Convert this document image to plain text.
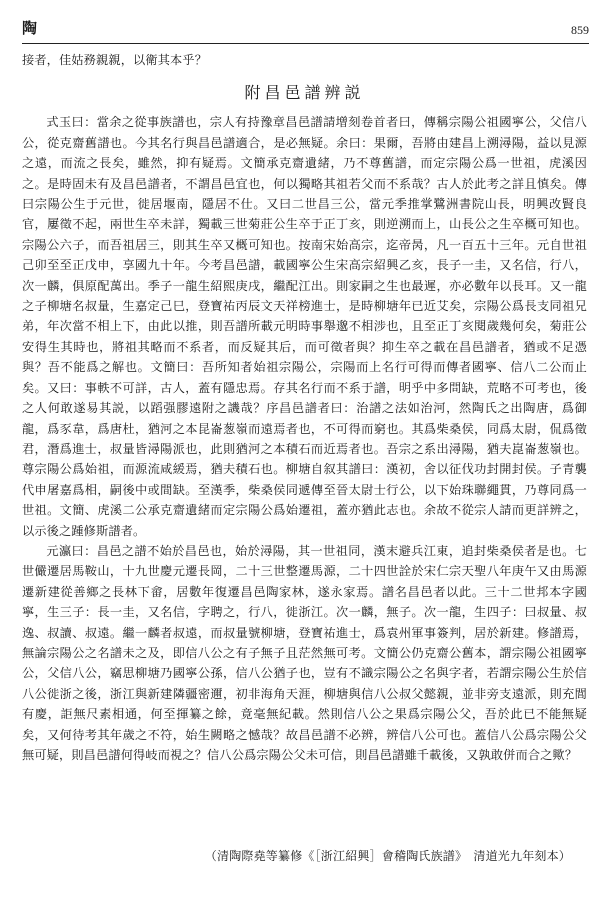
陶	859

接者，佳姑務親親，以衛其本乎？

附昌邑譜辨説

式玉曰：當余之從事族譜也，宗人有持豫章昌邑譜請增刻卷首者曰，傳稱宗陽公祖國寧公，父信八公，從克齋舊譜也。今其名行與昌邑譜適合，是必無疑。余曰：果爾，吾將由建昌上溯潯陽，益以見源之遠，而流之長矣，雖然，抑有疑焉。文簡承克齋遺緒，乃不尊舊譜，而定宗陽公爲一世祖，虎溪因之。是時固未有及昌邑譜者，不謂昌邑宜也，何以獨略其祖若父而不系哉？古人於此考之詳且慎矣。傳曰宗陽公生于元世，徙居堰南，隱居不仕。又曰二世昌三公，當元季推掌鷺洲書院山長，明興改賢良官，屢徵不起，兩世生卒未詳，獨載三世菊莊公生卒于正丁亥，則逆溯而上，山長公之生卒概可知也。宗陽公六子，而吾祖居三，則其生卒又概可知也。按南宋始高宗，迄帝昺，凡一百五十三年。元自世祖己卯至至正戊申，享國九十年。今考昌邑譜，載國寧公生宋高宗紹興乙亥，長子一圭，又名信，行八，次一麟，俱原配萬出。季子一龍生紹熙庚戌，繼配江出。則家嗣之生也最遲，亦必數年以長耳。又一龍之子柳塘名叔量，生嘉定己巳，登寶祐丙辰文天祥榜進士，是時柳塘年已近艾矣，宗陽公爲長支同祖兄弟，年次當不相上下，由此以推，則吾譜所載元明時事舉邈不相涉也，且至正丁亥閱歲幾何矣，菊莊公安得生其時也，將祖其略而不系者，而反疑其后，而可徵者與？抑生卒之載在昌邑譜者，猶或不足憑與？吾不能爲之解也。文簡曰：吾所知者始祖宗陽公，宗陽而上名行可得而傳者國寧、信八二公而止矣。又曰：事軼不可詳，古人，蓋有隱忠焉。存其名行而不系于譜，明乎中多問缺，荒略不可考也，後之人何敢遂易其説，以蹈强膠遠附之譏哉？序昌邑譜者曰：治譜之法如治河，然陶氏之出陶唐，爲御龍，爲豕韋，爲唐杜，猶河之本昆崙葱嶺而遠焉者也，不可得而窮也。其爲柴桑侯，同爲太尉，侃爲徵君，潛爲進士，叔量皆潯陽派也，此則猶河之本積石而近焉者也。吾宗之系出潯陽，猶夫崑崙葱嶺也。尊宗陽公爲始祖，而源流咸緩焉，猶夫積石也。柳塘自叙其譜曰：漢初，舍以征伐功封開封侯。子青襲代申屠嘉爲相，嗣後中或間缺。至漢季，柴桑侯同遞傳至晉太尉士行公，以下始珠聯繩貫，乃尊同爲一世祖。文簡、虎溪二公承克齋遺緒而定宗陽公爲始遷祖，蓋亦猶此志也。余故不從宗人請而更詳辨之，以示後之踵修斯譜者。

元瀛曰：昌邑之譜不始於昌邑也，始於潯陽，其一世祖同，漢末避兵江東，追封柴桑侯者是也。七世儼遷居馬鞍山，十九世慶元遷長岡，二十三世整遷馬源，二十四世詮於宋仁宗天聖八年庚午又由馬源遷新建從善鄉之長林下畲，居數年復遷昌邑陶家林，遂永家焉。譜名昌邑者以此。三十二世邦本字國寧，生三子：長一圭，又名信，字聘之，行八，徙浙江。次一麟，無子。次一龍，生四子：曰叔量、叔逸、叔讀、叔遠。繼一麟者叔遠，而叔量號柳塘，登寶祐進士，爲袁州軍事簽判，居於新建。修譜焉，無論宗陽公之名譜未之及，即信八公之有子無子且茫然無可考。文簡公仍克齋公舊本，謂宗陽公祖國寧公，父信八公，竊思柳塘乃國寧公孫，信八公猶子也，豈有不識宗陽公之名與字者，若謂宗陽公生於信八公徙浙之後，浙江與新建隣疆密邇，初非海角天涯，柳塘與信八公叔父懿親，並非旁支遠派，則充閭有慶，詎無尺素相通，何至揮纂之餘，竟毫無紀載。然則信八公之果爲宗陽公父，吾於此已不能無疑矣，又何待考其年歲之不符，始生闕略之憾哉？故昌邑譜不必辨，辨信八公可也。蓋信八公爲宗陽公父無可疑，則昌邑譜何得岐而視之？信八公爲宗陽公父未可信，則昌邑譜雖千載後，又孰敢併而合之歟？

（清陶際堯等纂修《［浙江紹興］會稽陶氏族譜》　清道光九年刻本）
